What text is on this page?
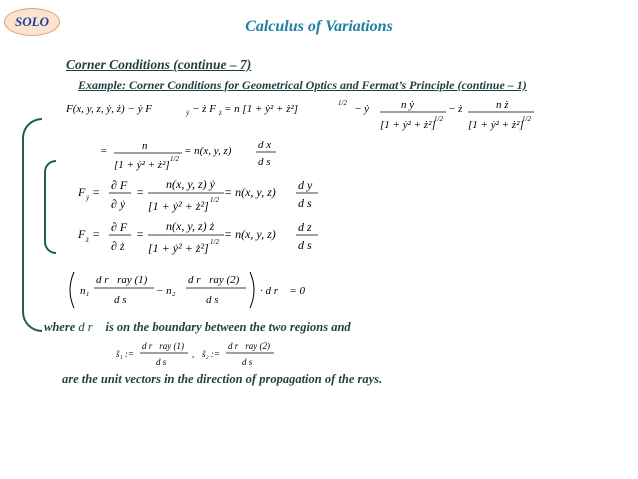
SOLO	Calculus of Variations
Corner Conditions (continue – 7)
Example: Corner Conditions for Geometrical Optics and Fermat’s Principle (continue – 1)
F(x, y, z, ẏ, ż) − ẏ F	ẏ − ż F ż = n [1 + ẏ² + ż²]	1/2 − ẏ	n ẏ
[1 + ẏ² + ż²]
1/2
− ż	n ż
[1 + ẏ² + ż²]
1/2
=	n
[1 + ẏ² + ż²] 1/2
= n(x, y, z) d x
d s
F ẏ = ∂ F
∂ ẏ
=
n(x, y, z) ẏ
[1 + ẏ² + ż²] 1/2
= n(x, y, z) d y
d s
F ż = ∂ F
∂ ż
=
n(x, y, z) ż
[1 + ẏ² + ż²] 1/2
= n(x, y, z) d z
d s
n₁
d r⃗ray (1)
d s
− n₂
d r⃗ray (2)
d s
· d r⃗ = 0
where d r⃗ is on the boundary between the two regions and
ŝ₁ :=
d r⃗ray (1)
d s
, ŝ₂ :=
d r⃗ray (2)
d s
are the unit vectors in the direction of propagation of the rays.
